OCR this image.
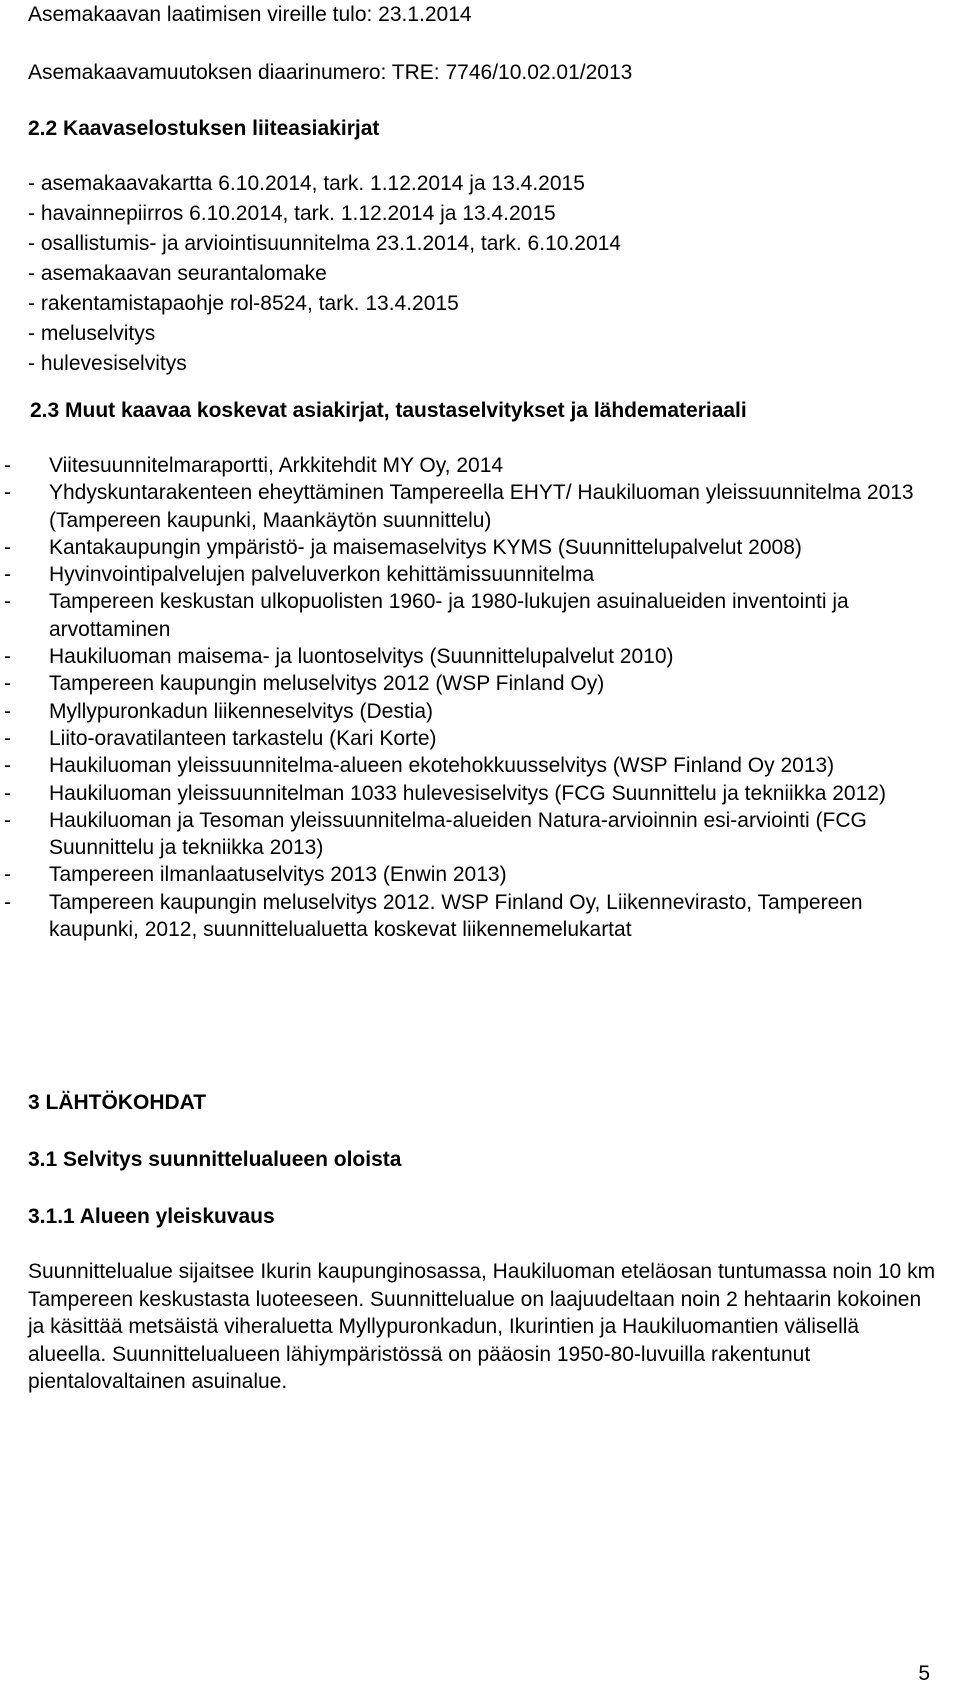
Asemakaavan laatimisen vireille tulo: 23.1.2014
Asemakaavamuutoksen diaarinumero: TRE: 7746/10.02.01/2013
2.2 Kaavaselostuksen liiteasiakirjat
- asemakaavakartta 6.10.2014, tark. 1.12.2014 ja 13.4.2015
- havainnepiirros 6.10.2014, tark. 1.12.2014 ja 13.4.2015
- osallistumis- ja arviointisuunnitelma 23.1.2014, tark. 6.10.2014
- asemakaavan seurantalomake
- rakentamistapaohje rol-8524, tark. 13.4.2015
- meluselvitys
- hulevesiselvitys
2.3 Muut kaavaa koskevat asiakirjat, taustaselvitykset ja lähdemateriaali
- Viitesuunnitelmaraportti, Arkkitehdit MY Oy, 2014
- Yhdyskuntarakenteen eheyttäminen Tampereella EHYT/ Haukiluoman yleissuunnitelma 2013 (Tampereen kaupunki, Maankäytön suunnittelu)
- Kantakaupungin ympäristö- ja maisemaselvitys KYMS (Suunnittelupalvelut 2008)
- Hyvinvointipalvelujen palveluverkon kehittämissuunnitelma
- Tampereen keskustan ulkopuolisten 1960- ja 1980-lukujen asuinalueiden inventointi ja arvottaminen
- Haukiluoman maisema- ja luontoselvitys (Suunnittelupalvelut 2010)
- Tampereen kaupungin meluselvitys 2012 (WSP Finland Oy)
- Myllypuronkadun liikenneselvitys (Destia)
- Liito-oravatilanteen tarkastelu (Kari Korte)
- Haukiluoman yleissuunnitelma-alueen ekotehokkuusselvitys (WSP Finland Oy 2013)
- Haukiluoman yleissuunnitelman 1033 hulevesiselvitys (FCG Suunnittelu ja tekniikka 2012)
- Haukiluoman ja Tesoman yleissuunnitelma-alueiden Natura-arvioinnin esi-arviointi (FCG Suunnittelu ja tekniikka 2013)
- Tampereen ilmanlaatuselvitys 2013 (Enwin 2013)
- Tampereen kaupungin meluselvitys 2012. WSP Finland Oy, Liikennevirasto, Tampereen kaupunki, 2012, suunnittelualuetta koskevat liikennemelukartat
3 LÄHTÖKOHDAT
3.1 Selvitys suunnittelualueen oloista
3.1.1 Alueen yleiskuvaus

Suunnittelualue sijaitsee Ikurin kaupunginosassa, Haukiluoman eteläosan tuntumassa noin 10 km Tampereen keskustasta luoteeseen. Suunnittelualue on laajuudeltaan noin 2 hehtaarin kokoinen ja käsittää metsäistä viheraluetta Myllypuronkadun, Ikurintien ja Haukiluomantien välisellä alueella. Suunnittelualueen lähiympäristössä on pääosin 1950-80-luvuilla rakentunut pientalovaltainen asuinalue.

5
